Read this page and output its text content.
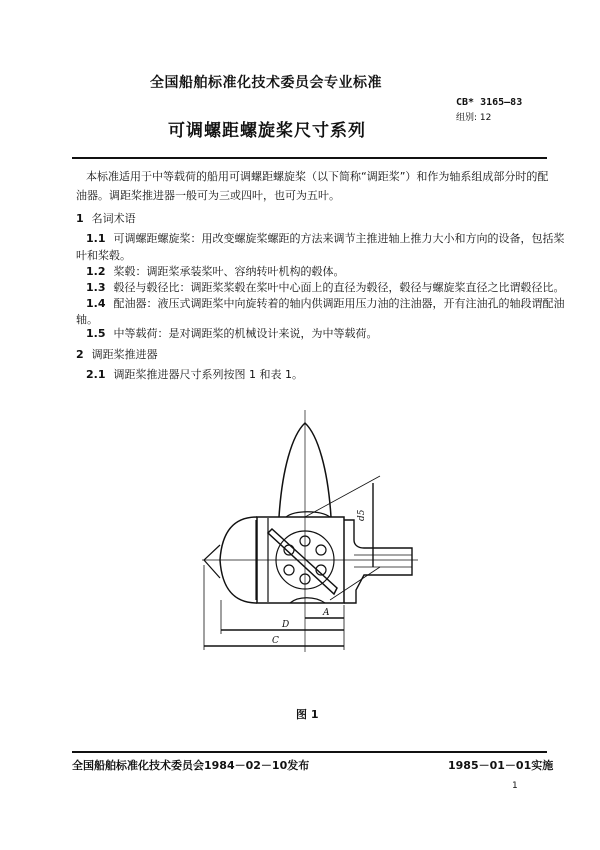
全国船舶标准化技术委员会专业标准
可调螺距螺旋桨尺寸系列
CB* 3165—83
组别: 12
本标准适用于中等载荷的船用可调螺距螺旋桨（以下简称“调距桨”）和作为轴系组成部分时的配
油器。调距桨推进器一般可为三或四叶，也可为五叶。
1 名词术语
1.1 可调螺距螺旋桨：用改变螺旋桨螺距的方法来调节主推进轴上推力大小和方向的设备，包括桨
叶和桨毂。
1.2 桨毂：调距桨承装桨叶、容纳转叶机构的毂体。
1.3 毂径与毂径比：调距桨桨毂在桨叶中心面上的直径为毂径，毂径与螺旋桨直径之比谓毂径比。
1.4 配油器：液压式调距桨中向旋转着的轴内供调距用压力油的注油器，开有注油孔的轴段谓配油
轴。
1.5 中等载荷：是对调距桨的机械设计来说，为中等载荷。
2 调距桨推进器
2.1 调距桨推进器尺寸系列按图 1 和表 1。
d5
A
D
C
图 1
全国船舶标准化技术委员会1984－02－10发布	1985－01－01实施
1
